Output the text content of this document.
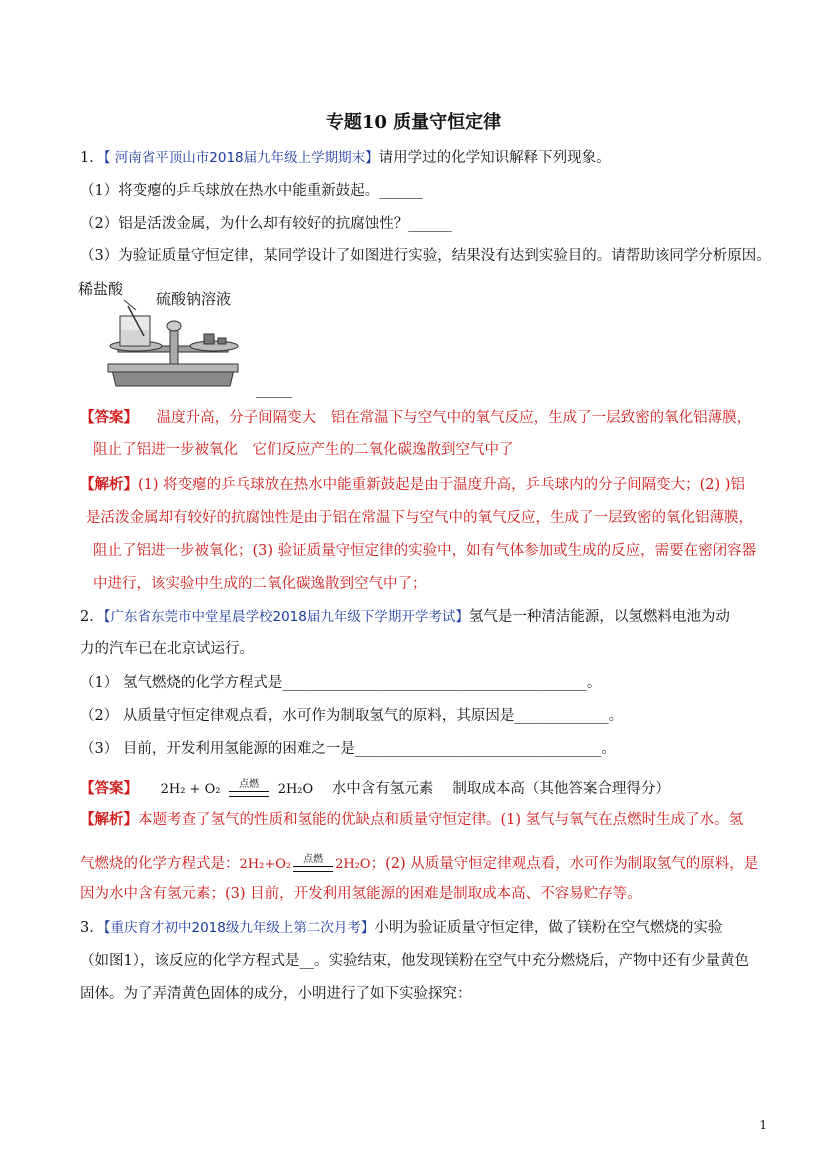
专题10 质量守恒定律
1．【 河南省平顶山市2018届九年级上学期期末】请用学过的化学知识解释下列现象。
（1）将变瘪的乒乓球放在热水中能重新鼓起。______
（2）铝是活泼金属，为什么却有较好的抗腐蚀性？______
（3）为验证质量守恒定律，某同学设计了如图进行实验，结果没有达到实验目的。请帮助该同学分析原因。
稀盐酸
硫酸钠溶液
_____
【答案】 温度升高，分子间隔变大　铝在常温下与空气中的氧气反应，生成了一层致密的氧化铝薄膜，
阻止了铝进一步被氧化　它们反应产生的二氧化碳逸散到空气中了
【解析】(1) 将变瘪的乒乓球放在热水中能重新鼓起是由于温度升高，乒乓球内的分子间隔变大；(2) )铝
是活泼金属却有较好的抗腐蚀性是由于铝在常温下与空气中的氧气反应，生成了一层致密的氧化铝薄膜，
阻止了铝进一步被氧化；(3) 验证质量守恒定律的实验中，如有气体参加或生成的反应，需要在密闭容器
中进行，该实验中生成的二氧化碳逸散到空气中了；
2．【广东省东莞市中堂星晨学校2018届九年级下学期开学考试】氢气是一种清洁能源，以氢燃料电池为动
力的汽车已在北京试运行。
（1） 氢气燃烧的化学方程式是__________________________________________。
（2） 从质量守恒定律观点看，水可作为制取氢气的原料，其原因是_____________。
（3） 目前，开发利用氢能源的困难之一是__________________________________。
【答案】 2H₂ + O₂	点燃	2H₂O 水中含有氢元素　 制取成本高（其他答案合理得分）
【解析】本题考查了氢气的性质和氢能的优缺点和质量守恒定律。(1) 氢气与氧气在点燃时生成了水。氢
气燃烧的化学方程式是：2H₂+O₂	点燃 2H₂O；(2) 从质量守恒定律观点看，水可作为制取氢气的原料，是
因为水中含有氢元素；(3) 目前，开发利用氢能源的困难是制取成本高、不容易贮存等。
3．【重庆育才初中2018级九年级上第二次月考】小明为验证质量守恒定律，做了镁粉在空气燃烧的实验
（如图1），该反应的化学方程式是__。实验结束，他发现镁粉在空气中充分燃烧后，产物中还有少量黄色
固体。为了弄清黄色固体的成分，小明进行了如下实验探究：
1
